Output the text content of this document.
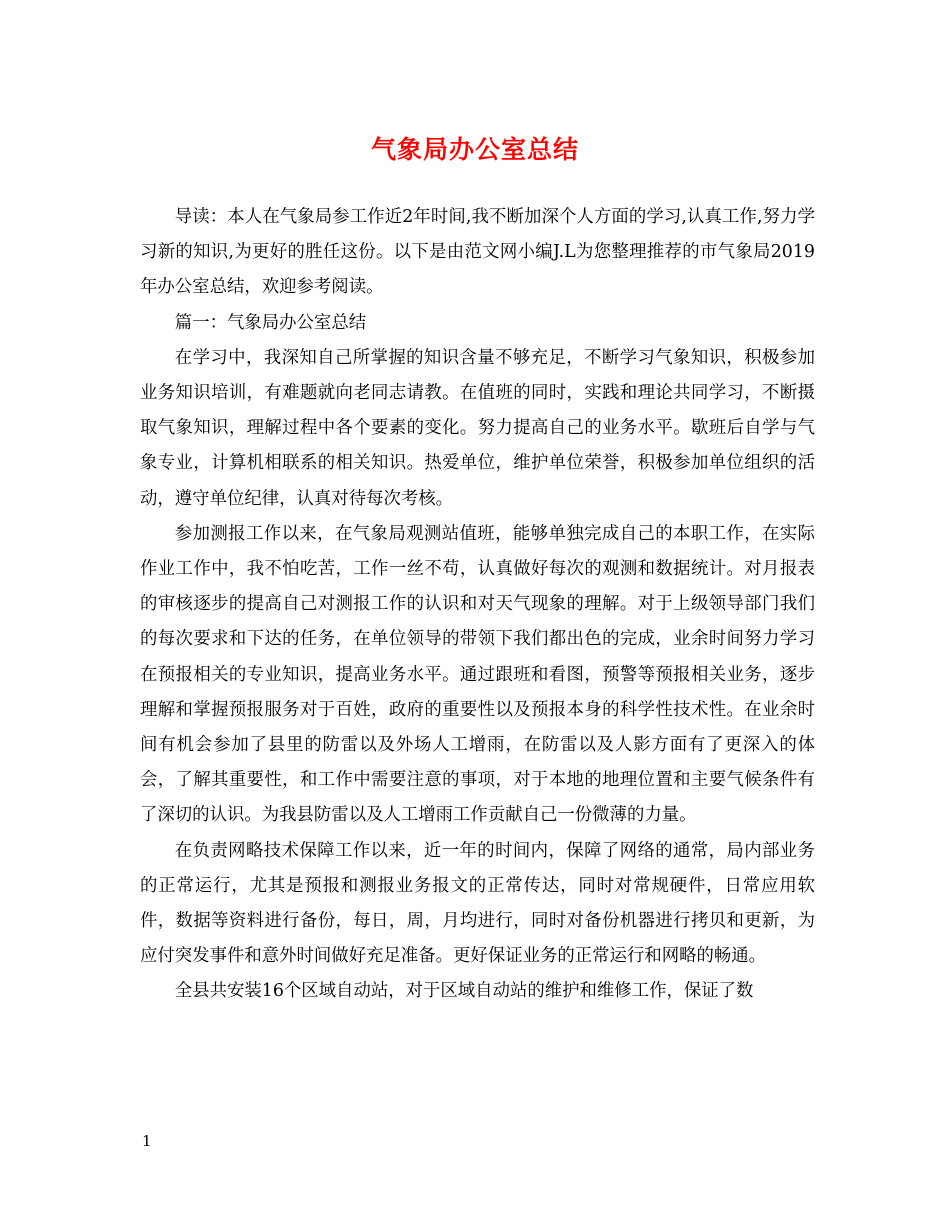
气象局办公室总结

导读：本人在气象局参工作近2年时间,我不断加深个人方面的学习,认真工作,努力学习新的知识,为更好的胜任这份。以下是由范文网小编J.L为您整理推荐的市气象局2019年办公室总结，欢迎参考阅读。

篇一：气象局办公室总结

在学习中，我深知自己所掌握的知识含量不够充足，不断学习气象知识，积极参加业务知识培训，有难题就向老同志请教。在值班的同时，实践和理论共同学习，不断摄取气象知识，理解过程中各个要素的变化。努力提高自己的业务水平。歇班后自学与气象专业，计算机相联系的相关知识。热爱单位，维护单位荣誉，积极参加单位组织的活动，遵守单位纪律，认真对待每次考核。

参加测报工作以来，在气象局观测站值班，能够单独完成自己的本职工作，在实际作业工作中，我不怕吃苦，工作一丝不苟，认真做好每次的观测和数据统计。对月报表的审核逐步的提高自己对测报工作的认识和对天气现象的理解。对于上级领导部门我们的每次要求和下达的任务，在单位领导的带领下我们都出色的完成，业余时间努力学习在预报相关的专业知识，提高业务水平。通过跟班和看图，预警等预报相关业务，逐步理解和掌握预报服务对于百姓，政府的重要性以及预报本身的科学性技术性。在业余时间有机会参加了县里的防雷以及外场人工增雨，在防雷以及人影方面有了更深入的体会，了解其重要性，和工作中需要注意的事项，对于本地的地理位置和主要气候条件有了深切的认识。为我县防雷以及人工增雨工作贡献自己一份微薄的力量。

在负责网略技术保障工作以来，近一年的时间内，保障了网络的通常，局内部业务的正常运行，尤其是预报和测报业务报文的正常传达，同时对常规硬件，日常应用软件，数据等资料进行备份，每日，周，月均进行，同时对备份机器进行拷贝和更新，为应付突发事件和意外时间做好充足准备。更好保证业务的正常运行和网略的畅通。

全县共安装16个区域自动站，对于区域自动站的维护和维修工作，保证了数

1
